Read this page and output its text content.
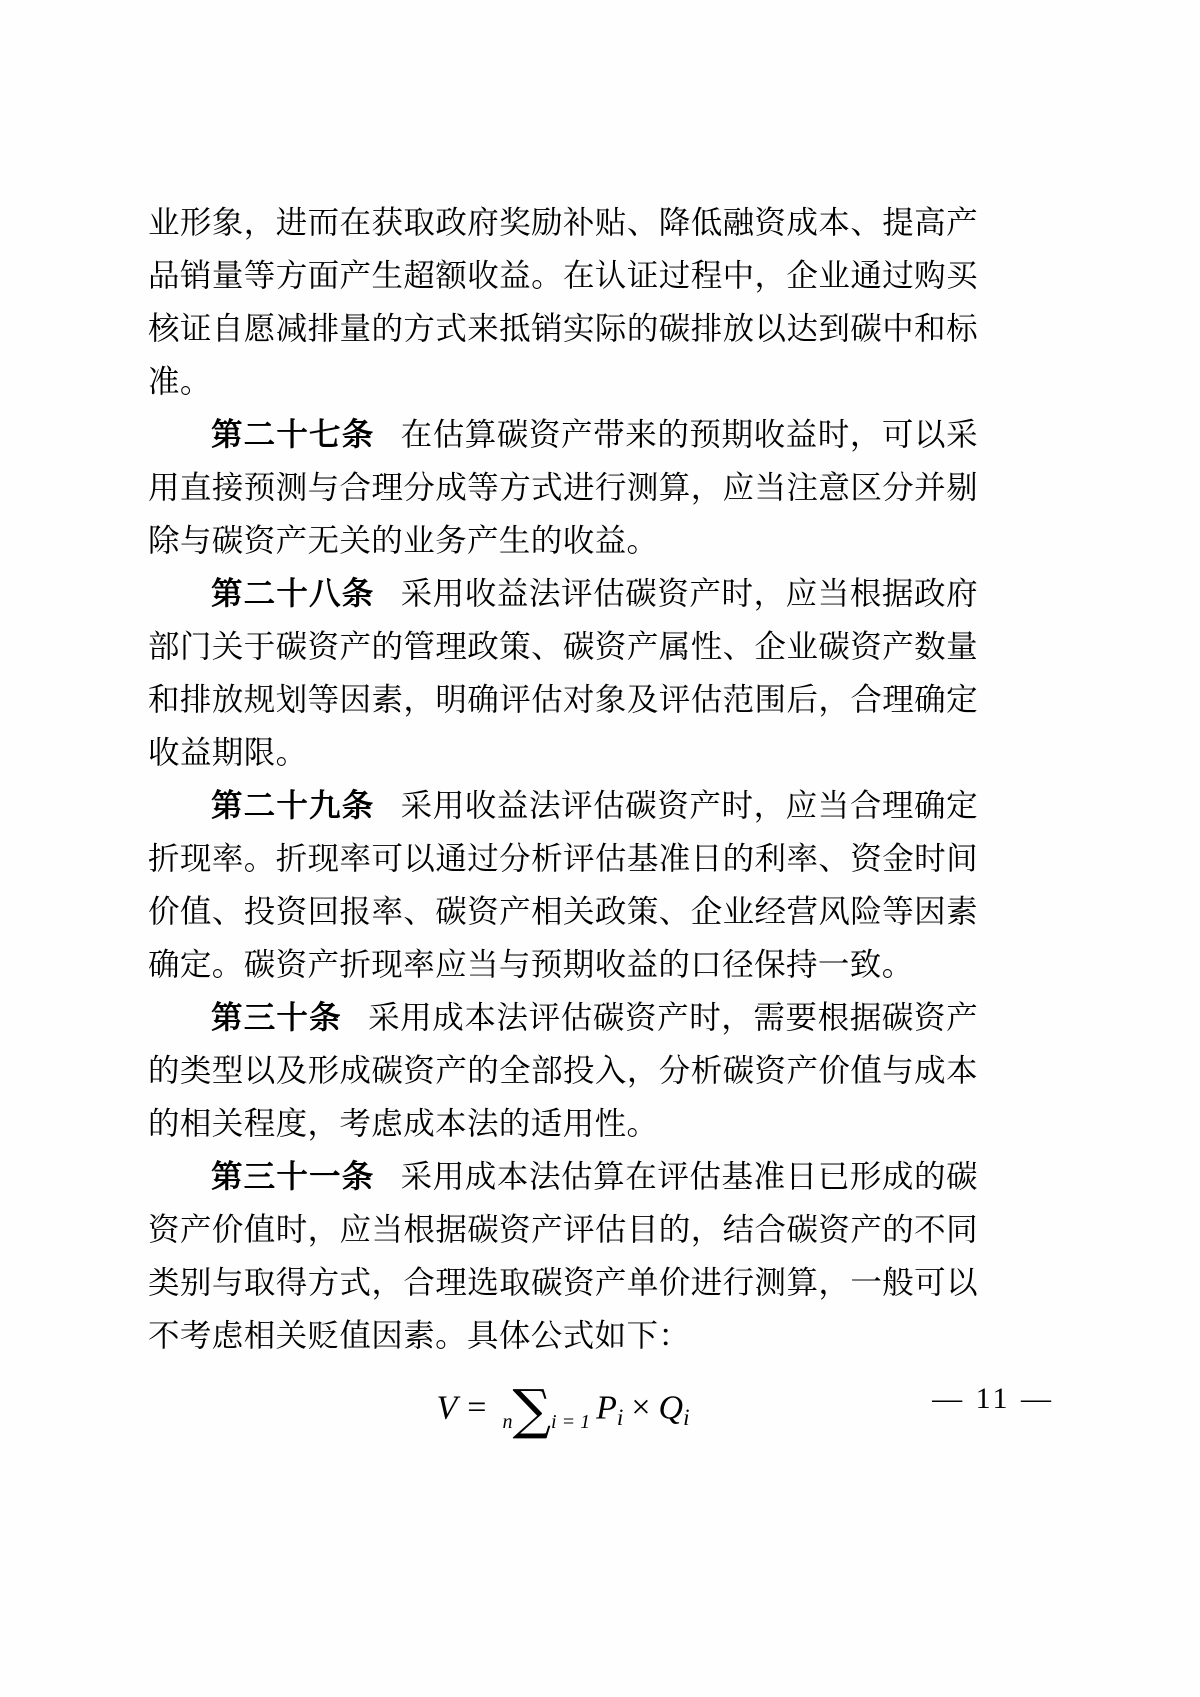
业形象，进而在获取政府奖励补贴、降低融资成本、提高产品销量等方面产生超额收益。在认证过程中，企业通过购买核证自愿减排量的方式来抵销实际的碳排放以达到碳中和标准。

第二十七条 在估算碳资产带来的预期收益时，可以采用直接预测与合理分成等方式进行测算，应当注意区分并剔除与碳资产无关的业务产生的收益。

第二十八条 采用收益法评估碳资产时，应当根据政府部门关于碳资产的管理政策、碳资产属性、企业碳资产数量和排放规划等因素，明确评估对象及评估范围后，合理确定收益期限。

第二十九条 采用收益法评估碳资产时，应当合理确定折现率。折现率可以通过分析评估基准日的利率、资金时间价值、投资回报率、碳资产相关政策、企业经营风险等因素确定。碳资产折现率应当与预期收益的口径保持一致。

第三十条 采用成本法评估碳资产时，需要根据碳资产的类型以及形成碳资产的全部投入，分析碳资产价值与成本的相关程度，考虑成本法的适用性。

第三十一条 采用成本法估算在评估基准日已形成的碳资产价值时，应当根据碳资产评估目的，结合碳资产的不同类别与取得方式，合理选取碳资产单价进行测算，一般可以不考虑相关贬值因素。具体公式如下：

V = n∑i = 1 $P_i \times Q_i$
— 11 —
